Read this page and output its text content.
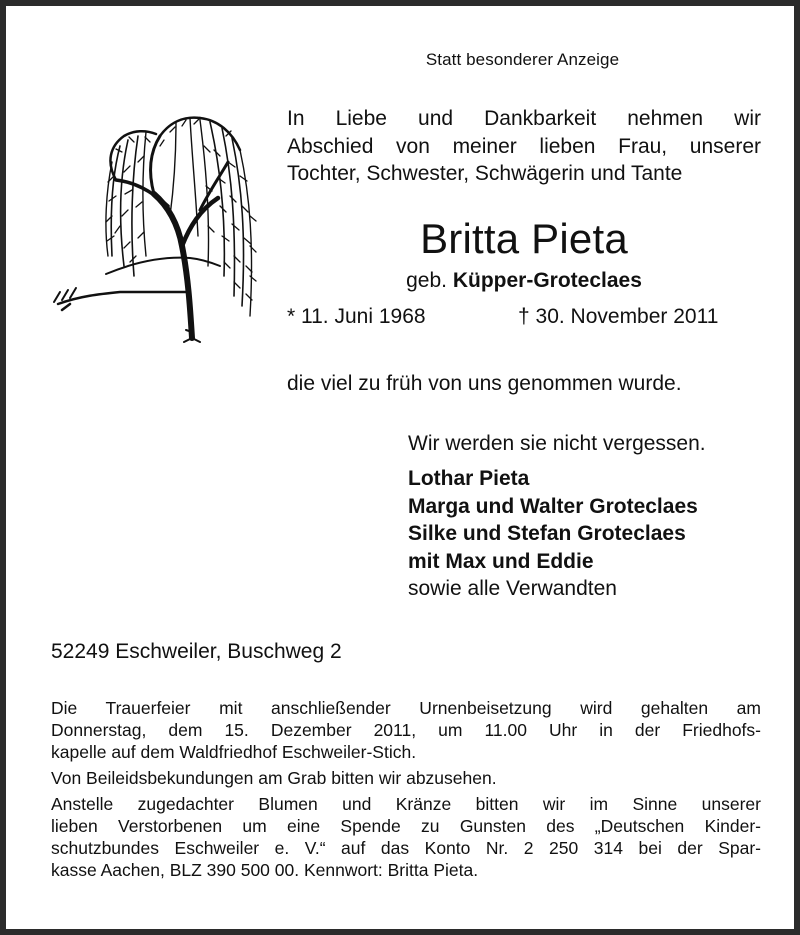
Statt besonderer Anzeige
In Liebe und Dankbarkeit nehmen wir
Abschied von meiner lieben Frau, unserer
Tochter, Schwester, Schwägerin und Tante
Britta Pieta
geb. Küpper-Groteclaes
* 11. Juni 1968	† 30. November 2011
die viel zu früh von uns genommen wurde.
Wir werden sie nicht vergessen.
Lothar Pieta
Marga und Walter Groteclaes
Silke und Stefan Groteclaes
mit Max und Eddie
sowie alle Verwandten
52249 Eschweiler, Buschweg 2

Die Trauerfeier mit anschließender Urnenbeisetzung wird gehalten am
Donnerstag, dem 15. Dezember 2011, um 11.00 Uhr in der Friedhofs-
kapelle auf dem Waldfriedhof Eschweiler-Stich.

Von Beileidsbekundungen am Grab bitten wir abzusehen.

Anstelle zugedachter Blumen und Kränze bitten wir im Sinne unserer
lieben Verstorbenen um eine Spende zu Gunsten des „Deutschen Kinder-
schutzbundes Eschweiler e. V.“ auf das Konto Nr. 2 250 314 bei der Spar-
kasse Aachen, BLZ 390 500 00. Kennwort: Britta Pieta.
